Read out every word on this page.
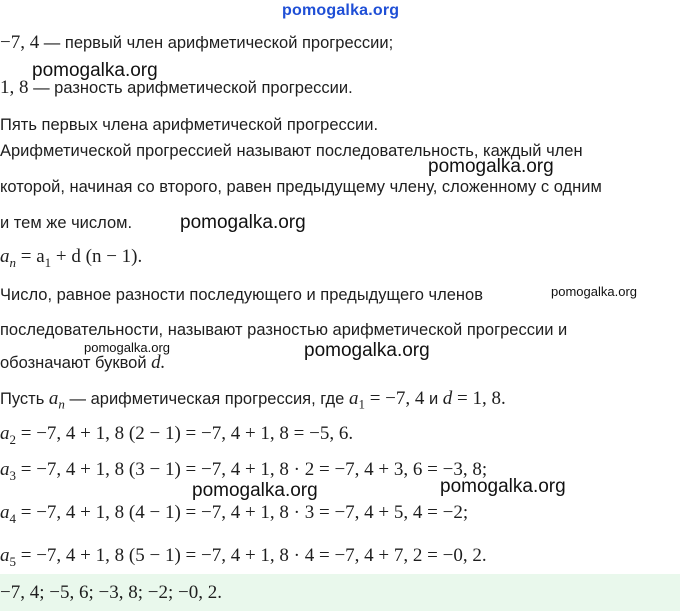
pomogalka.org
−7, 4 — первый член арифметической прогрессии;
1, 8 — разность арифметической прогрессии.
Пять первых члена арифметической прогрессии.
Арифметической прогрессией называют последовательность, каждый член
которой, начиная со второго, равен предыдущему члену, сложенному с одним
и тем же числом.
$a_n = a_1 + d$ (n − 1).
Число, равное разности последующего и предыдущего членов
последовательности, называют разностью арифметической прогрессии и
обозначают буквой d.
Пусть $a_n$ — арифметическая прогрессия, где $a_1 = -7$, 4 и d = 1, 8.
$a_2 = -7$, 4 + 1, 8 (2 − 1) = −7, 4 + 1, 8 = −5, 6.
$a_3 = -7$, 4 + 1, 8 (3 − 1) = −7, 4 + 1, 8 · 2 = −7, 4 + 3, 6 = −3, 8;
$a_4 = -7$, 4 + 1, 8 (4 − 1) = −7, 4 + 1, 8 · 3 = −7, 4 + 5, 4 = −2;
$a_5 = -7$, 4 + 1, 8 (5 − 1) = −7, 4 + 1, 8 · 4 = −7, 4 + 7, 2 = −0, 2.
−7, 4; −5, 6; −3, 8; −2; −0, 2.
pomogalka.org
pomogalka.org
pomogalka.org
pomogalka.org
pomogalka.org	pomogalka.org
pomogalka.org	pomogalka.org
